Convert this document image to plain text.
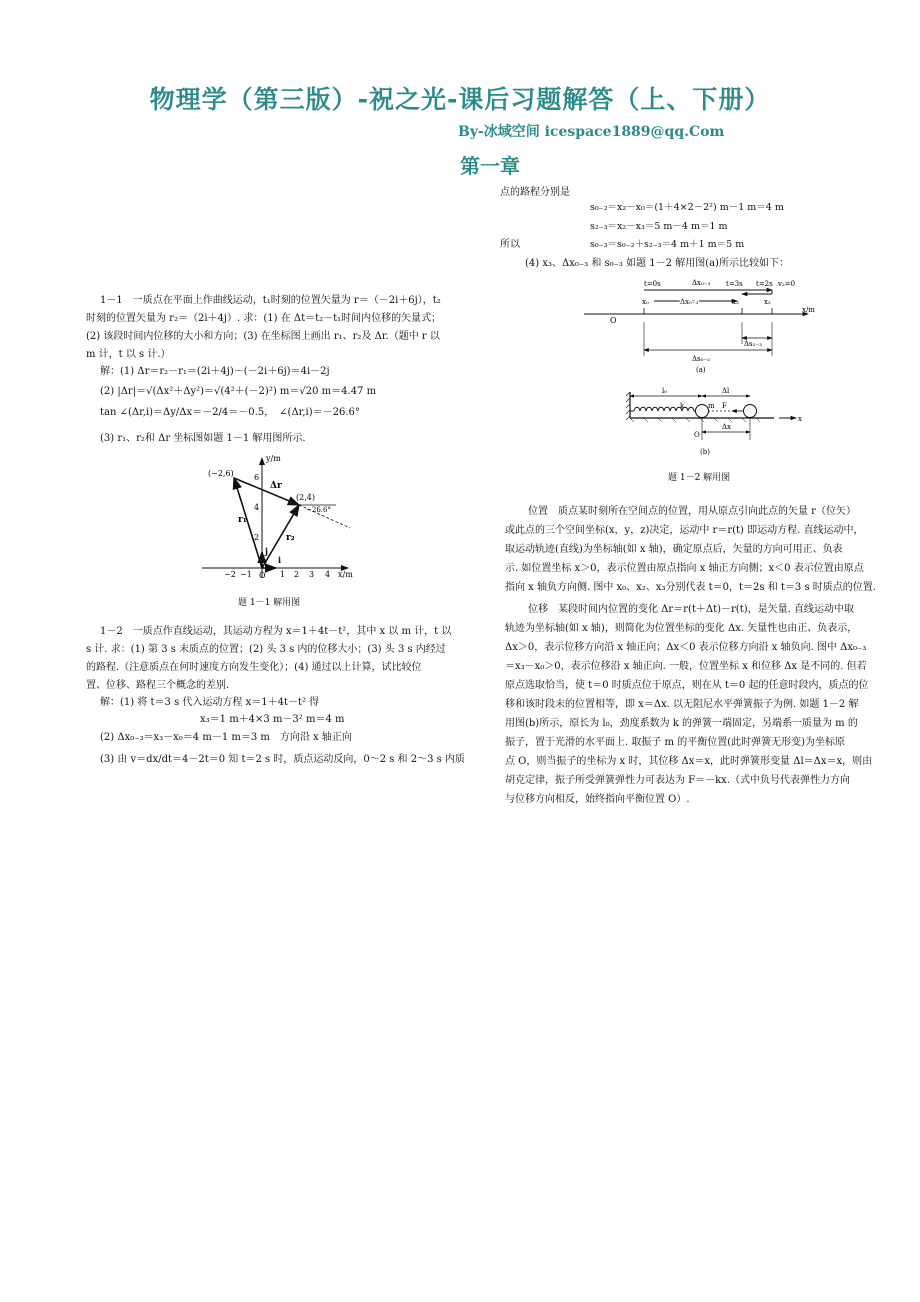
物理学（第三版）-祝之光-课后习题解答（上、下册）
By-冰域空间 icespace1889@qq.Com
第一章
1－1　一质点在平面上作曲线运动，t₁时刻的位置矢量为 r＝（－2i＋6j），t₂
时刻的位置矢量为 r₂＝（2i＋4j）. 求：(1) 在 Δt＝t₂－t₁时间内位移的矢量式；
(2) 该段时间内位移的大小和方向；(3) 在坐标图上画出 r₁、r₂及 Δr.（题中 r 以
m 计，t 以 s 计.）
解：(1) Δr＝r₂－r₁＝(2i＋4j)－(－2i＋6j)＝4i－2j
(2) |Δr|＝√(Δx²＋Δy²)＝√(4²＋(－2)²) m＝√20 m＝4.47 m
tan ∠(Δr,i)＝Δy/Δx＝－2/4＝－0.5，　∠(Δr,i)＝－26.6°
(3) r₁、r₂和 Δr 坐标图如题 1－1 解用图所示.
y/m
x/m
O
(−2,6)
(2,4)
−26.6°
Δr
r₁
r₂
i
j
−2 −1	1 2 3 4
2
4
6
题 1－1 解用图
1－2　一质点作直线运动，其运动方程为 x＝1＋4t－t²，其中 x 以 m 计，t 以
s 计. 求：(1) 第 3 s 末质点的位置；(2) 头 3 s 内的位移大小；(3) 头 3 s 内经过
的路程.（注意质点在何时速度方向发生变化）；(4) 通过以上计算，试比较位
置、位移、路程三个概念的差别.
解：(1) 将 t＝3 s 代入运动方程 x＝1＋4t－t² 得
x₃＝1 m＋4×3 m－3² m＝4 m
(2) Δx₀₋₃＝x₃－x₀＝4 m－1 m＝3 m　方向沿 x 轴正向
(3) 由 v＝dx/dt＝4－2t＝0 知 t＝2 s 时，质点运动反向，0～2 s 和 2～3 s 内质
点的路程分别是
s₀₋₂＝x₂－x₀＝(1＋4×2－2²) m－1 m＝4 m
s₂₋₃＝x₂－x₃＝5 m－4 m＝1 m
所以	s₀₋₃＝s₀₋₂＋s₂₋₃＝4 m＋1 m＝5 m
(4) x₃、Δx₀₋₃ 和 s₀₋₃ 如题 1－2 解用图(a)所示比较如下：
t=0s	t=3s t=2s v₂=0
Δx₀₋₃
x₀	Δx₀₋₃	x₃	x₂
O
x/m
Δs₂₋₃
Δs₀₋₂
(a)
x
l₀	Δl
k	m F
O
Δx
(b)
题 1－2 解用图
位置　质点某时刻所在空间点的位置，用从原点引向此点的矢量 r（位矢）
或此点的三个空间坐标(x，y，z)决定，运动中 r＝r(t) 即运动方程. 直线运动中，
取运动轨迹(直线)为坐标轴(如 x 轴)，确定原点后，矢量的方向可用正、负表
示. 如位置坐标 x＞0，表示位置由原点指向 x 轴正方向侧；x＜0 表示位置由原点
指向 x 轴负方向侧. 图中 x₀、x₂、x₃分别代表 t＝0，t＝2s 和 t＝3 s 时质点的位置.
位移　某段时间内位置的变化 Δr＝r(t＋Δt)－r(t)，是矢量. 直线运动中取
轨迹为坐标轴(如 x 轴)，则简化为位置坐标的变化 Δx. 矢量性也由正、负表示，
Δx＞0，表示位移方向沿 x 轴正向；Δx＜0 表示位移方向沿 x 轴负向. 图中 Δx₀₋₃
＝x₃－x₀＞0，表示位移沿 x 轴正向. 一般，位置坐标 x 和位移 Δx 是不同的. 但若
原点选取恰当，使 t＝0 时质点位于原点，则在从 t＝0 起的任意时段内，质点的位
移和该时段末的位置相等，即 x＝Δx. 以无阻尼水平弹簧振子为例. 如题 1－2 解
用图(b)所示，原长为 l₀，劲度系数为 k 的弹簧一端固定，另端系一质量为 m 的
振子，置于光滑的水平面上. 取振子 m 的平衡位置(此时弹簧无形变)为坐标原
点 O，则当振子的坐标为 x 时，其位移 Δx＝x，此时弹簧形变量 Δl＝Δx＝x，则由
胡克定律，振子所受弹簧弹性力可表达为 F＝－kx.（式中负号代表弹性力方向
与位移方向相反，始终指向平衡位置 O）.
